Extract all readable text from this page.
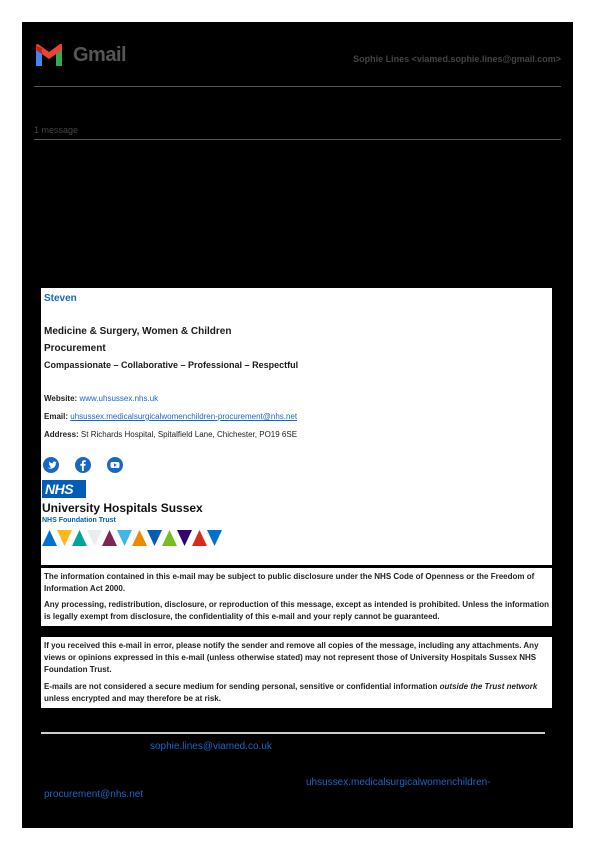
Gmail	Sophie Lines <viamed.sophie.lines@gmail.com>
1 message
Steven
Medicine & Surgery, Women & Children
Procurement
Compassionate – Collaborative – Professional – Respectful
Website: www.uhsussex.nhs.uk
Email: uhsussex.medicalsurgicalwomenchildren-procurement@nhs.net
Address: St Richards Hospital, Spitalfield Lane, Chichester, PO19 6SE
NHS
University Hospitals Sussex
NHS Foundation Trust
The information contained in this e-mail may be subject to public disclosure under the NHS Code of Openness or the Freedom of Information Act 2000.
Any processing, redistribution, disclosure, or reproduction of this message, except as intended is prohibited. Unless the information is legally exempt from disclosure, the confidentiality of this e-mail and your reply cannot be guaranteed.
If you received this e-mail in error, please notify the sender and remove all copies of the message, including any attachments. Any views or opinions expressed in this e-mail (unless otherwise stated) may not represent those of University Hospitals Sussex NHS Foundation Trust.
E-mails are not considered a secure medium for sending personal, sensitive or confidential information outside the Trust network unless encrypted and may therefore be at risk.
sophie.lines@viamed.co.uk
uhsussex.medicalsurgicalwomenchildren-
procurement@nhs.net
